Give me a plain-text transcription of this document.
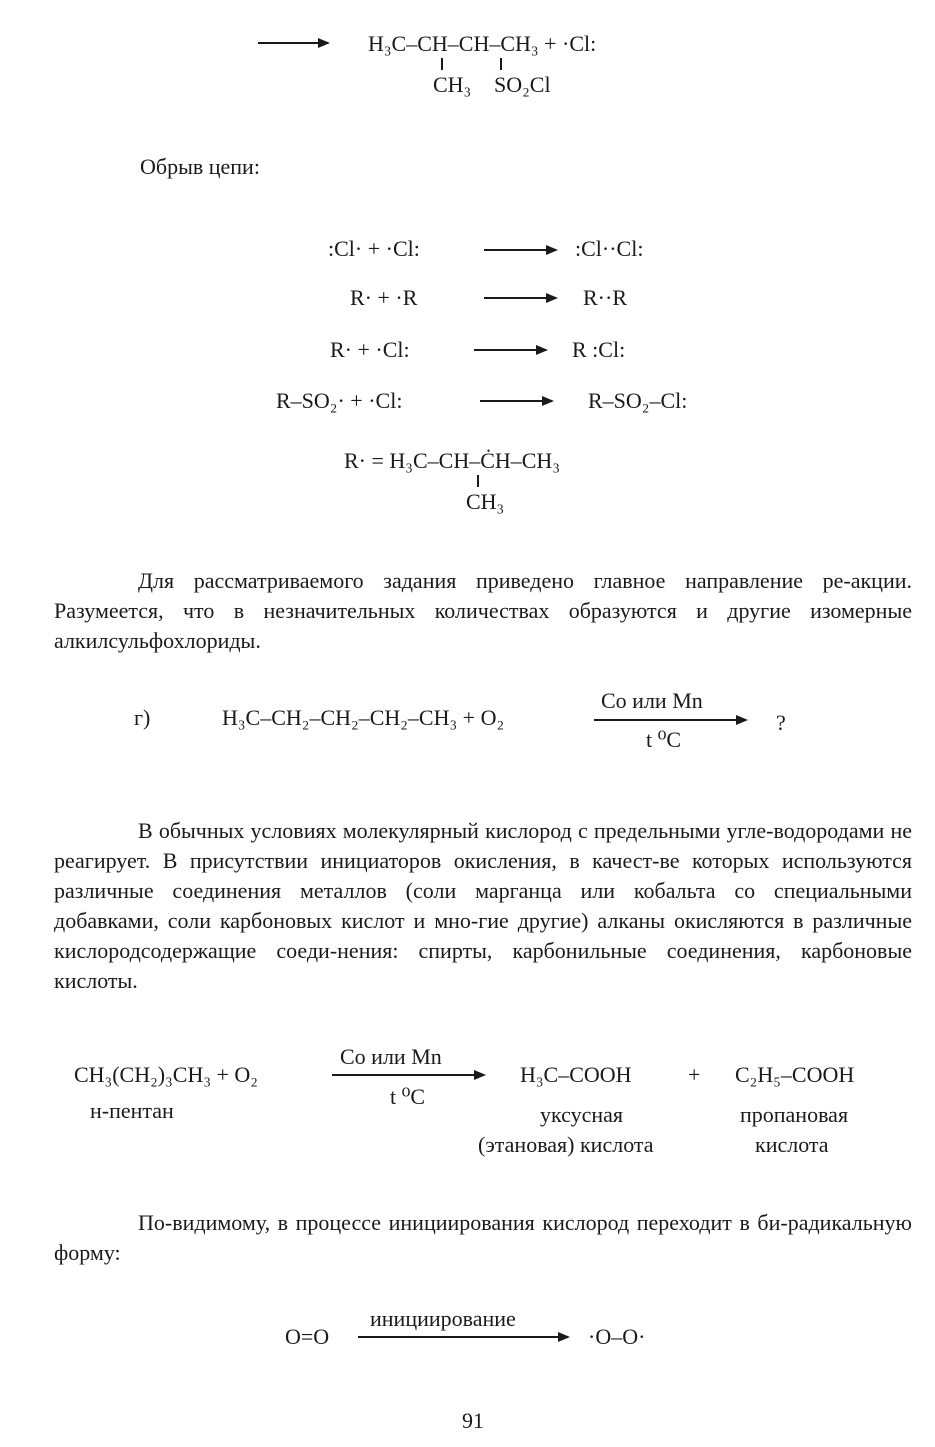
H₃C–CH–CH–CH₃ + ·Cl:
CH₃ SO₂Cl
Обрыв цепи:
:Cl· + ·Cl:	:Cl··Cl:
R· + ·R	R··R
R· + ·Cl:	R :Cl:
R–SO₂· + ·Cl:	R–SO₂–Cl:
R· = H₃C–CH–ĊH–CH₃
CH₃
Для рассматриваемого задания приведено главное направление ре-акции. Разумеется, что в незначительных количествах образуются и другие изомерные алкилсульфохлориды.
г)	H₃C–CH₂–CH₂–CH₂–CH₃ + O₂
Co или Mn
t ⁰C
?
В обычных условиях молекулярный кислород с предельными угле-водородами не реагирует. В присутствии инициаторов окисления, в качест-ве которых используются различные соединения металлов (соли марганца или кобальта со специальными добавками, соли карбоновых кислот и мно-гие другие) алканы окисляются в различные кислородсодержащие соеди-нения: спирты, карбонильные соединения, карбоновые кислоты.
CH₃(CH₂)₃CH₃ + O₂
н-пентан
Co или Mn
t ⁰C
H₃C–COOH	+ C₂H₅–COOH
уксусная
(этановая) кислота
пропановая
кислота
По-видимому, в процессе инициирования кислород переходит в би-радикальную форму:
O=O
инициирование
·O–O·
91
